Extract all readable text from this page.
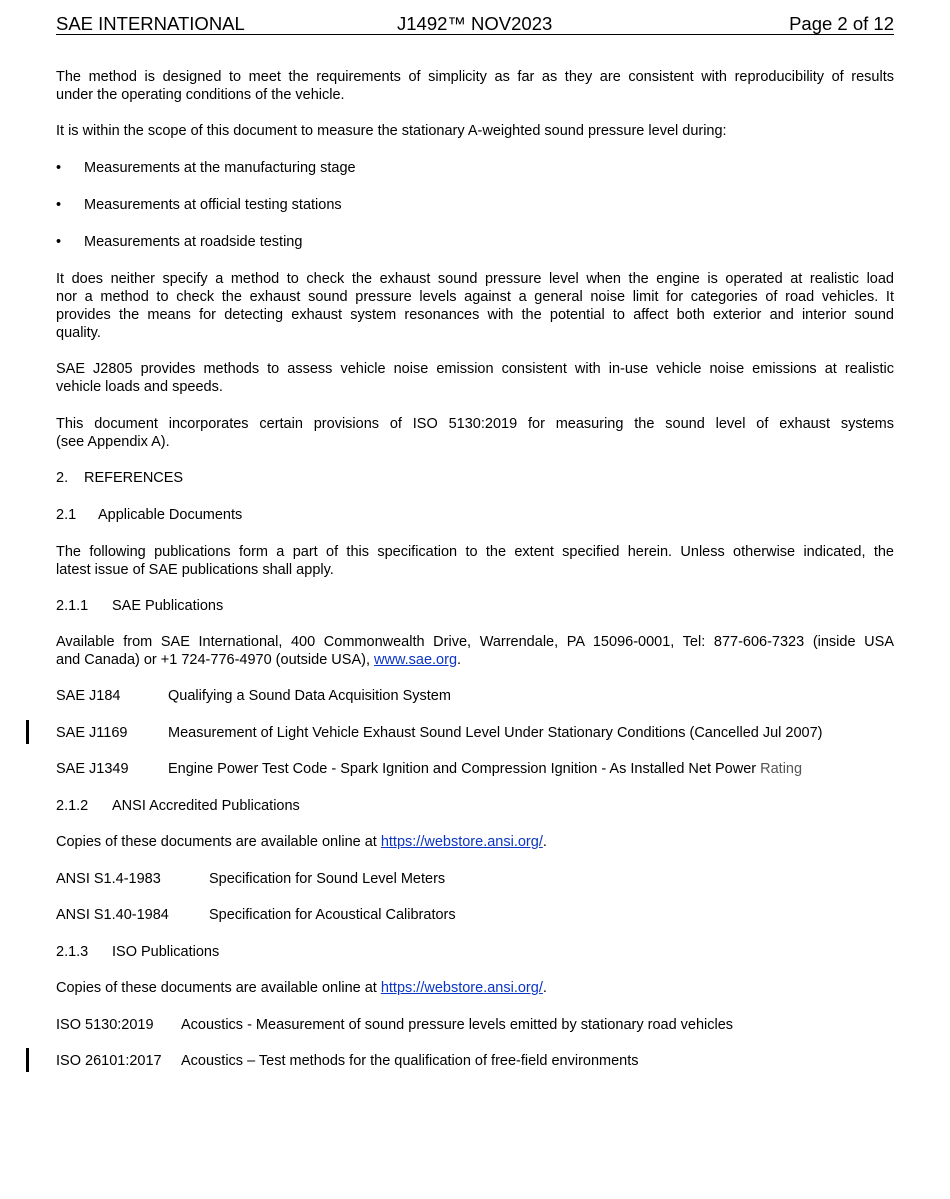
SAE INTERNATIONAL	J1492™ NOV2023	Page 2 of 12
The method is designed to meet the requirements of simplicity as far as they are consistent with reproducibility of results
under the operating conditions of the vehicle.
It is within the scope of this document to measure the stationary A-weighted sound pressure level during:
• Measurements at the manufacturing stage
• Measurements at official testing stations
• Measurements at roadside testing
It does neither specify a method to check the exhaust sound pressure level when the engine is operated at realistic load
nor a method to check the exhaust sound pressure levels against a general noise limit for categories of road vehicles. It
provides the means for detecting exhaust system resonances with the potential to affect both exterior and interior sound
quality.
SAE J2805 provides methods to assess vehicle noise emission consistent with in-use vehicle noise emissions at realistic
vehicle loads and speeds.
This document incorporates certain provisions of ISO 5130:2019 for measuring the sound level of exhaust systems
(see Appendix A).
2. REFERENCES
2.1 Applicable Documents
The following publications form a part of this specification to the extent specified herein. Unless otherwise indicated, the
latest issue of SAE publications shall apply.
2.1.1 SAE Publications
Available from SAE International, 400 Commonwealth Drive, Warrendale, PA 15096-0001, Tel: 877-606-7323 (inside USA
and Canada) or +1 724-776-4970 (outside USA), www.sae.org.
SAE J184	Qualifying a Sound Data Acquisition System
SAE J1169	Measurement of Light Vehicle Exhaust Sound Level Under Stationary Conditions (Cancelled Jul 2007)
SAE J1349	Engine Power Test Code - Spark Ignition and Compression Ignition - As Installed Net Power Rating
2.1.2 ANSI Accredited Publications
Copies of these documents are available online at https://webstore.ansi.org/.
ANSI S1.4-1983	Specification for Sound Level Meters
ANSI S1.40-1984	Specification for Acoustical Calibrators
2.1.3 ISO Publications
Copies of these documents are available online at https://webstore.ansi.org/.
ISO 5130:2019 Acoustics - Measurement of sound pressure levels emitted by stationary road vehicles
ISO 26101:2017 Acoustics – Test methods for the qualification of free-field environments
